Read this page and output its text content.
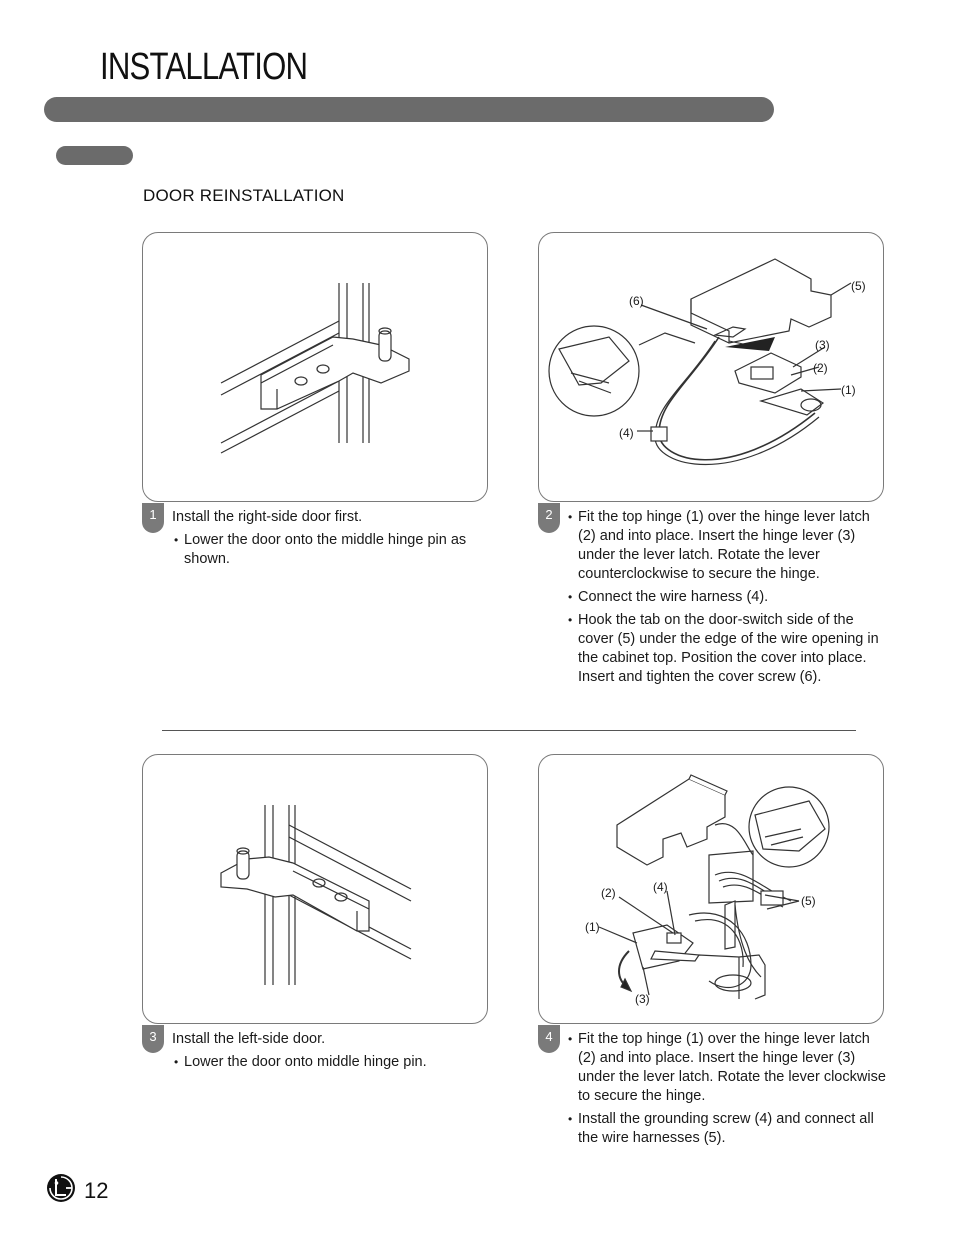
INSTALLATION
DOOR REINSTALLATION
1	Install the right-side door first.

• Lower the door onto the middle hinge pin as shown.
(6)
(5)
(3)
(2)
(1)
(4)
2	• Fit the top hinge (1) over the hinge lever latch (2) and into place. Insert the hinge lever (3) under the lever latch. Rotate the lever counterclockwise to secure the hinge.
• Connect the wire harness (4).
• Hook the tab on the door-switch side of the cover (5) under the edge of the wire opening in the cabinet top. Position the cover into place. Insert and tighten the cover screw (6).
3	Install the left-side door.

• Lower the door onto middle hinge pin.
(2)	(4)
(5)
(1)
(3)
4	• Fit the top hinge (1) over the hinge lever latch (2) and into place. Insert the hinge lever (3) under the lever latch. Rotate the lever clockwise to secure the hinge.
• Install the grounding screw (4) and connect all the wire harnesses (5).
12
